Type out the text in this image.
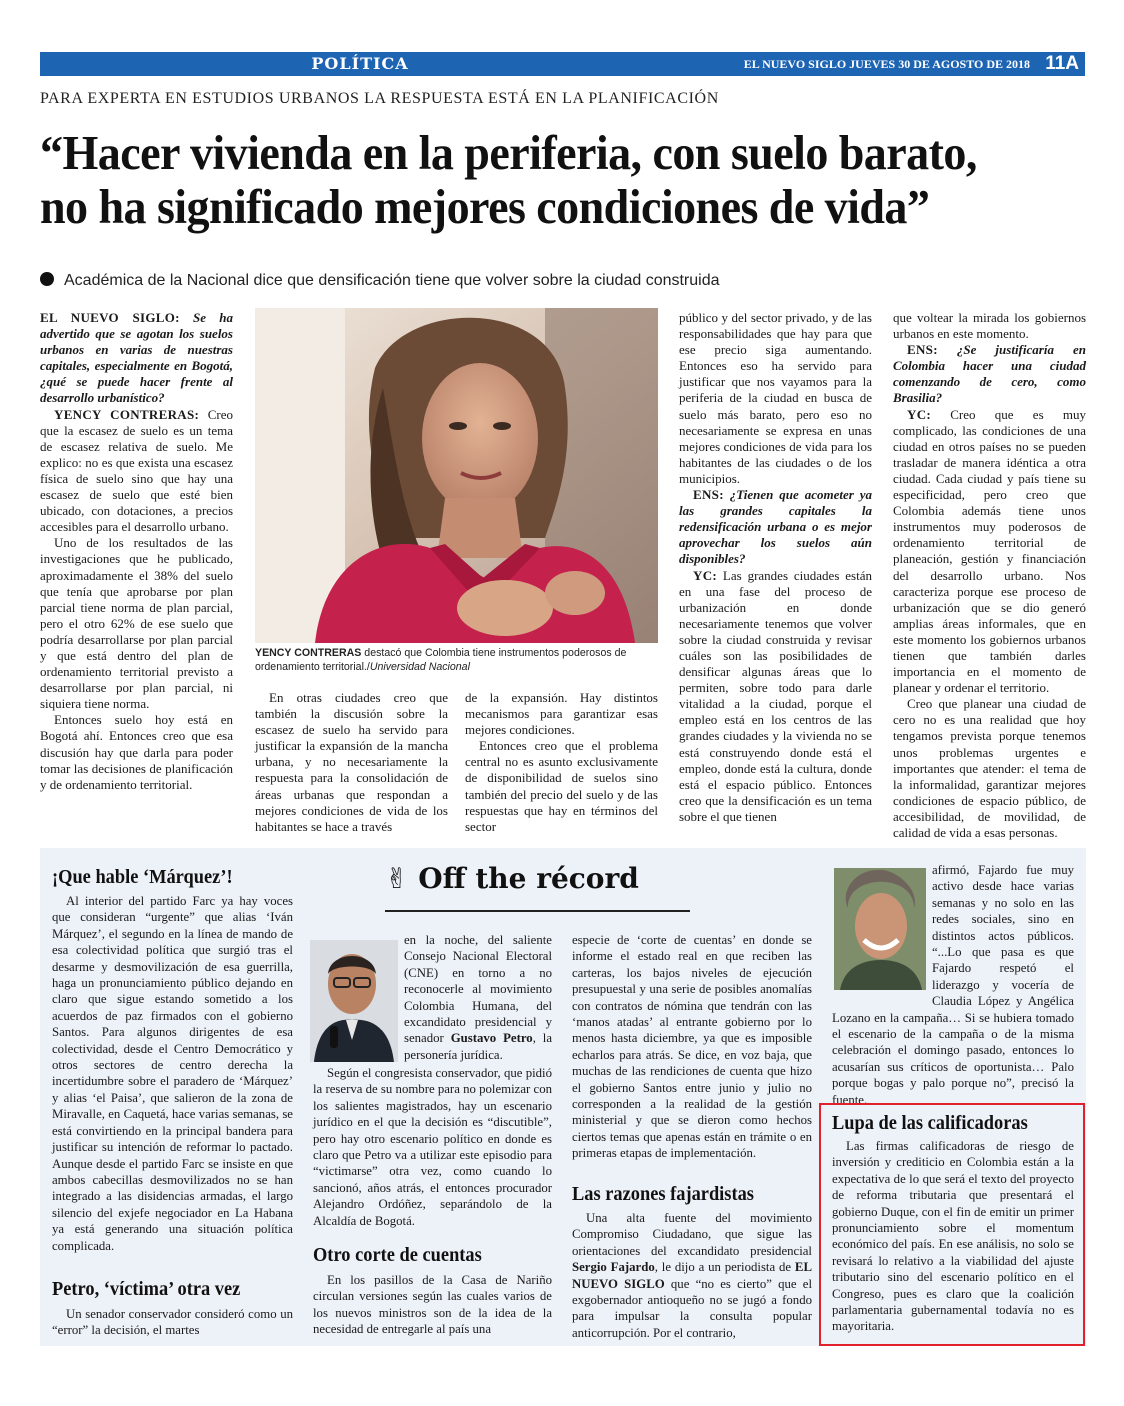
POLÍTICA	EL NUEVO SIGLO JUEVES 30 DE AGOSTO DE 2018 11A
PARA EXPERTA EN ESTUDIOS URBANOS LA RESPUESTA ESTÁ EN LA PLANIFICACIÓN
“Hacer vivienda en la periferia, con suelo barato,
no ha significado mejores condiciones de vida”
Académica de la Nacional dice que densificación tiene que volver sobre la ciudad construida

EL NUEVO SIGLO: Se ha advertido que se agotan los suelos urbanos en varias de nuestras capitales, especialmente en Bogotá, ¿qué se puede hacer frente al desarrollo urbanístico?

YENCY CONTRERAS: Creo que la escasez de suelo es un tema de escasez relativa de suelo. Me explico: no es que exista una escasez física de suelo sino que hay una escasez de suelo que esté bien ubicado, con dotaciones, a precios accesibles para el desarrollo urbano.

Uno de los resultados de las investigaciones que he publicado, aproximadamente el 38% del suelo que tenía que aprobarse por plan parcial tiene norma de plan parcial, pero el otro 62% de ese suelo que podría desarrollarse por plan parcial y que está dentro del plan de ordenamiento territorial previsto a desarrollarse por plan parcial, ni siquiera tiene norma.

Entonces suelo hoy está en Bogotá ahí. Entonces creo que esa discusión hay que darla para poder tomar las decisiones de planificación y de ordenamiento territorial.

YENCY CONTRERAS destacó que Colombia tiene instrumentos poderosos de ordenamiento territorial./Universidad Nacional

En otras ciudades creo que también la discusión sobre la escasez de suelo ha servido para justificar la expansión de la mancha urbana, y no necesariamente la respuesta para la consolidación de áreas urbanas que respondan a mejores condiciones de vida de los habitantes se hace a través

de la expansión. Hay distintos mecanismos para garantizar esas mejores condiciones.

Entonces creo que el problema central no es asunto exclusivamente de disponibilidad de suelos sino también del precio del suelo y de las respuestas que hay en términos del sector

público y del sector privado, y de las responsabilidades que hay para que ese precio siga aumentando. Entonces eso ha servido para justificar que nos vayamos para la periferia de la ciudad en busca de suelo más barato, pero eso no necesariamente se expresa en unas mejores condiciones de vida para los habitantes de las ciudades o de los municipios.

ENS: ¿Tienen que acometer ya las grandes capitales la redensificación urbana o es mejor aprovechar los suelos aún disponibles?

YC: Las grandes ciudades están en una fase del proceso de urbanización en donde necesariamente tenemos que volver sobre la ciudad construida y revisar cuáles son las posibilidades de densificar algunas áreas que lo permiten, sobre todo para darle vitalidad a la ciudad, porque el empleo está en los centros de las grandes ciudades y la vivienda no se está construyendo donde está el empleo, donde está la cultura, donde está el espacio público. Entonces creo que la densificación es un tema sobre el que tienen

que voltear la mirada los gobiernos urbanos en este momento.

ENS: ¿Se justificaría en Colombia hacer una ciudad comenzando de cero, como Brasilia?

YC: Creo que es muy complicado, las condiciones de una ciudad en otros países no se pueden trasladar de manera idéntica a otra ciudad. Cada ciudad y país tiene su especificidad, pero creo que Colombia además tiene unos instrumentos muy poderosos de ordenamiento territorial de planeación, gestión y financiación del desarrollo urbano. Nos caracteriza porque ese proceso de urbanización que se dio generó amplias áreas informales, que en este momento los gobiernos urbanos tienen que también darles importancia en el momento de planear y ordenar el territorio.

Creo que planear una ciudad de cero no es una realidad que hoy tengamos prevista porque tenemos unos problemas urgentes e importantes que atender: el tema de la informalidad, garantizar mejores condiciones de espacio público, de accesibilidad, de movilidad, de calidad de vida a esas personas.

✌ Off the récord
¡Que hable ‘Márquez’!

Al interior del partido Farc ya hay voces que consideran “urgente” que alias ‘Iván Márquez’, el segundo en la línea de mando de esa colectividad política que surgió tras el desarme y desmovilización de esa guerrilla, haga un pronunciamiento público dejando en claro que sigue estando sometido a los acuerdos de paz firmados con el gobierno Santos. Para algunos dirigentes de esa colectividad, desde el Centro Democrático y otros sectores de centro derecha la incertidumbre sobre el paradero de ‘Márquez’ y alias ‘el Paisa’, que salieron de la zona de Miravalle, en Caquetá, hace varias semanas, se está convirtiendo en la principal bandera para justificar su intención de reformar lo pactado. Aunque desde el partido Farc se insiste en que ambos cabecillas desmovilizados no se han integrado a las disidencias armadas, el largo silencio del exjefe negociador en La Habana ya está generando una situación política complicada.

Petro, ‘víctima’ otra vez

Un senador conservador consideró como un “error” la decisión, el martes

en la noche, del saliente Consejo Nacional Electoral (CNE) en torno a no reconocerle al movimiento Colombia Humana, del excandidato presidencial y senador Gustavo Petro, la personería jurídica.

Según el congresista conservador, que pidió la reserva de su nombre para no polemizar con los salientes magistrados, hay un escenario jurídico en el que la decisión es “discutible”, pero hay otro escenario político en donde es claro que Petro va a utilizar este episodio para “victimarse” otra vez, como cuando lo sancionó, años atrás, el entonces procurador Alejandro Ordóñez, separándolo de la Alcaldía de Bogotá.

Otro corte de cuentas

En los pasillos de la Casa de Nariño circulan versiones según las cuales varios de los nuevos ministros son de la idea de la necesidad de entregarle al país una

especie de ‘corte de cuentas’ en donde se informe el estado real en que reciben las carteras, los bajos niveles de ejecución presupuestal y una serie de posibles anomalías con contratos de nómina que tendrán con las ‘manos atadas’ al entrante gobierno por lo menos hasta diciembre, ya que es imposible echarlos para atrás. Se dice, en voz baja, que muchas de las rendiciones de cuenta que hizo el gobierno Santos entre junio y julio no corresponden a la realidad de la gestión ministerial y que se dieron como hechos ciertos temas que apenas están en trámite o en primeras etapas de implementación.

Las razones fajardistas

Una alta fuente del movimiento Compromiso Ciudadano, que sigue las orientaciones del excandidato presidencial Sergio Fajardo, le dijo a un periodista de EL NUEVO SIGLO que “no es cierto” que el exgobernador antioqueño no se jugó a fondo para impulsar la consulta popular anticorrupción. Por el contrario,

afirmó, Fajardo fue muy activo desde hace varias semanas y no solo en las redes sociales, sino en distintos actos públicos. “...Lo que pasa es que Fajardo respetó el liderazgo y vocería de Claudia López y Angélica Lozano en la campaña… Si se hubiera tomado el escenario de la campaña o de la misma celebración el domingo pasado, entonces lo acusarían sus críticos de oportunista… Palo porque bogas y palo porque no”, precisó la fuente.

Lupa de las calificadoras

Las firmas calificadoras de riesgo de inversión y crediticio en Colombia están a la expectativa de lo que será el texto del proyecto de reforma tributaria que presentará el gobierno Duque, con el fin de emitir un primer pronunciamiento sobre el momentum económico del país. En ese análisis, no solo se revisará lo relativo a la viabilidad del ajuste tributario sino del escenario político en el Congreso, pues es claro que la coalición parlamentaria gubernamental todavía no es mayoritaria.
